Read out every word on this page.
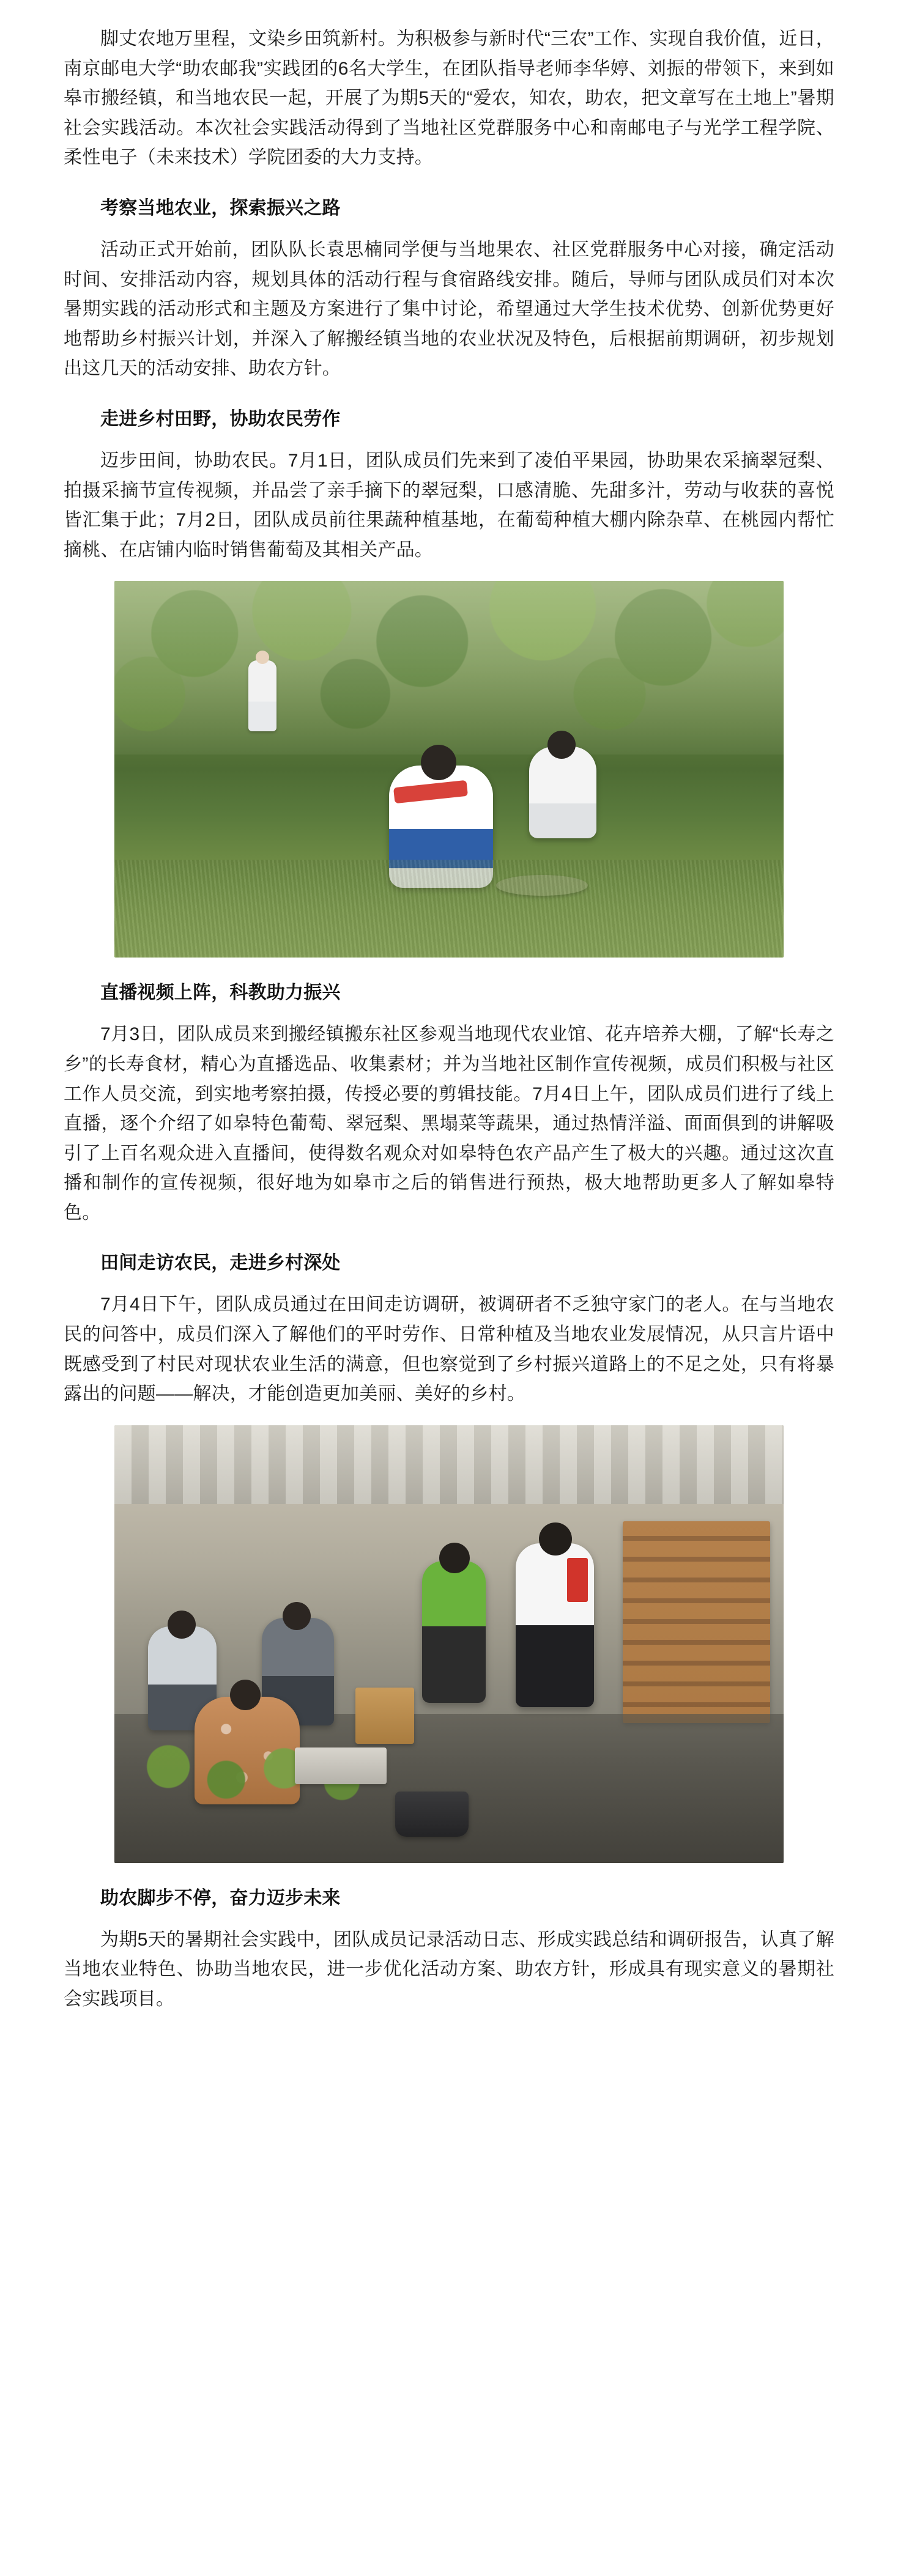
脚丈农地万里程，文染乡田筑新村。为积极参与新时代“三农”工作、实现自我价值，近日，南京邮电大学“助农邮我”实践团的6名大学生，在团队指导老师李华婷、刘振的带领下，来到如皋市搬经镇，和当地农民一起，开展了为期5天的“爱农，知农，助农，把文章写在土地上”暑期社会实践活动。本次社会实践活动得到了当地社区党群服务中心和南邮电子与光学工程学院、柔性电子（未来技术）学院团委的大力支持。

考察当地农业，探索振兴之路

活动正式开始前，团队队长袁思楠同学便与当地果农、社区党群服务中心对接，确定活动时间、安排活动内容，规划具体的活动行程与食宿路线安排。随后，导师与团队成员们对本次暑期实践的活动形式和主题及方案进行了集中讨论，希望通过大学生技术优势、创新优势更好地帮助乡村振兴计划，并深入了解搬经镇当地的农业状况及特色，后根据前期调研，初步规划出这几天的活动安排、助农方针。

走进乡村田野，协助农民劳作

迈步田间，协助农民。7月1日，团队成员们先来到了凌伯平果园，协助果农采摘翠冠梨、拍摄采摘节宣传视频，并品尝了亲手摘下的翠冠梨，口感清脆、先甜多汁，劳动与收获的喜悦皆汇集于此；7月2日，团队成员前往果蔬种植基地，在葡萄种植大棚内除杂草、在桃园内帮忙摘桃、在店铺内临时销售葡萄及其相关产品。

直播视频上阵，科教助力振兴

7月3日，团队成员来到搬经镇搬东社区参观当地现代农业馆、花卉培养大棚，了解“长寿之乡”的长寿食材，精心为直播选品、收集素材；并为当地社区制作宣传视频，成员们积极与社区工作人员交流，到实地考察拍摄，传授必要的剪辑技能。7月4日上午，团队成员们进行了线上直播，逐个介绍了如皋特色葡萄、翠冠梨、黑塌菜等蔬果，通过热情洋溢、面面俱到的讲解吸引了上百名观众进入直播间，使得数名观众对如皋特色农产品产生了极大的兴趣。通过这次直播和制作的宣传视频，很好地为如皋市之后的销售进行预热，极大地帮助更多人了解如皋特色。

田间走访农民，走进乡村深处

7月4日下午，团队成员通过在田间走访调研，被调研者不乏独守家门的老人。在与当地农民的问答中，成员们深入了解他们的平时劳作、日常种植及当地农业发展情况，从只言片语中既感受到了村民对现状农业生活的满意，但也察觉到了乡村振兴道路上的不足之处，只有将暴露出的问题——解决，才能创造更加美丽、美好的乡村。

助农脚步不停，奋力迈步未来

为期5天的暑期社会实践中，团队成员记录活动日志、形成实践总结和调研报告，认真了解当地农业特色、协助当地农民，进一步优化活动方案、助农方针，形成具有现实意义的暑期社会实践项目。
